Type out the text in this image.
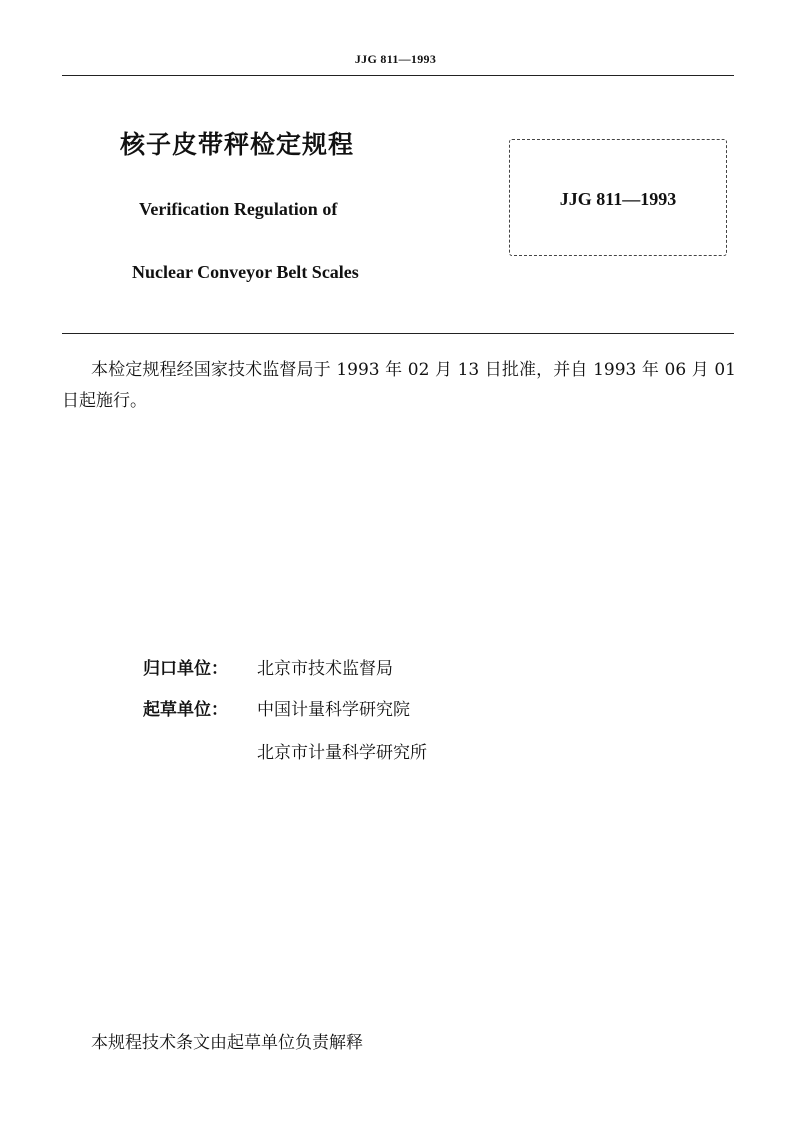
JJG 811—1993
核子皮带秤检定规程
Verification Regulation of
Nuclear Conveyor Belt Scales
JJG 811—1993
本检定规程经国家技术监督局于 1993 年 02 月 13 日批准，并自 1993 年 06 月 01 日起施行。
归口单位： 北京市技术监督局
起草单位： 中国计量科学研究院
北京市计量科学研究所
本规程技术条文由起草单位负责解释
